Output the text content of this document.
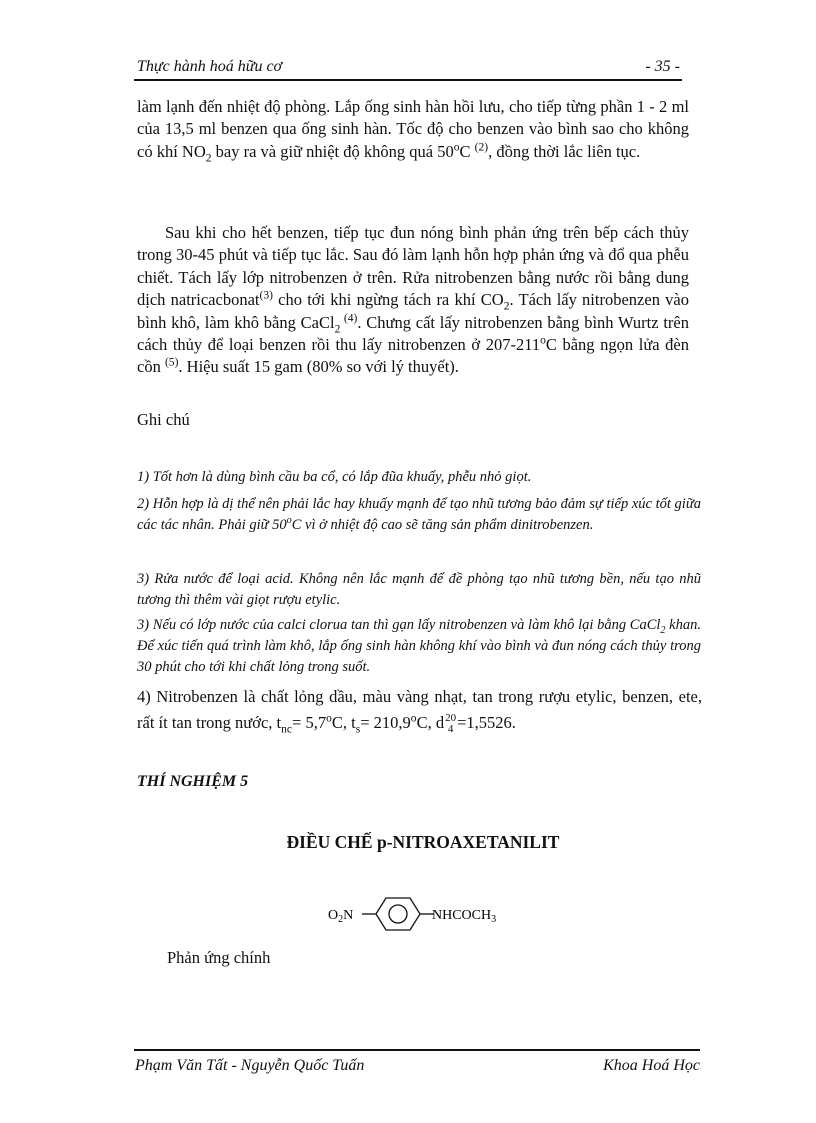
Thực hành hoá hữu cơ	- 35 -
làm lạnh đến nhiệt độ phòng. Lắp ống sinh hàn hồi lưu, cho tiếp từng phần 1 - 2 ml của 13,5 ml benzen qua ống sinh hàn. Tốc độ cho benzen vào bình sao cho không có khí $NO_2$ bay ra và giữ nhiệt độ không quá 50$^o$C $^{(2)}$, đồng thời lắc liên tục.
Sau khi cho hết benzen, tiếp tục đun nóng bình phản ứng trên bếp cách thủy trong 30-45 phút và tiếp tục lắc. Sau đó làm lạnh hỗn hợp phản ứng và đổ qua phễu chiết. Tách lấy lớp nitrobenzen ở trên. Rửa nitrobenzen bằng nước rồi bằng dung dịch natricacbonat$^{(3)}$ cho tới khi ngừng tách ra khí $CO_2$. Tách lấy nitrobenzen vào bình khô, làm khô bằng CaCl$_2$ $^{(4)}$. Chưng cất lấy nitrobenzen bằng bình Wurtz trên cách thủy để loại benzen rồi thu lấy nitrobenzen ở 207-211$^o$C bằng ngọn lửa đèn cồn $^{(5)}$. Hiệu suất 15 gam (80% so với lý thuyết).
Ghi chú
1) Tốt hơn là dùng bình cầu ba cổ, có lắp đũa khuấy, phễu nhỏ giọt.
2) Hỗn hợp là dị thể nên phải lắc hay khuấy mạnh để tạo nhũ tương bảo đảm sự tiếp xúc tốt giữa các tác nhân. Phải giữ 50$^o$C vì ở nhiệt độ cao sẽ tăng sản phẩm dinitrobenzen.
3) Rửa nước để loại acid. Không nên lắc mạnh để đề phòng tạo nhũ tương bền, nếu tạo nhũ tương thì thêm vài giọt rượu etylic.
3) Nếu có lớp nước của calci clorua tan thì gạn lấy nitrobenzen và làm khô lại bằng CaCl$_2$ khan. Để xúc tiến quá trình làm khô, lắp ống sinh hàn không khí vào bình và đun nóng cách thủy trong 30 phút cho tới khi chất lỏng trong suốt.
4) Nitrobenzen là chất lỏng dầu, màu vàng nhạt, tan trong rượu etylic, benzen, ete, rất ít tan trong nước, $t_{nc}= 5,7^oC$, $t_s= 210,9^oC$, d 20
4 =1,5526.
THÍ NGHIỆM 5
ĐIỀU CHẾ p-NITROAXETANILIT
$O_2N$	$NHCOCH_3$
Phản ứng chính
Phạm Văn Tất - Nguyễn Quốc Tuấn	Khoa Hoá Học
